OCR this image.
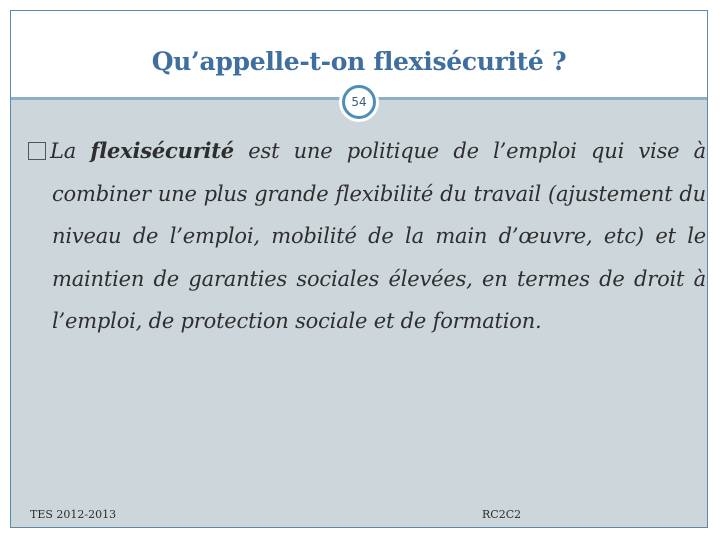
Qu’appelle-t-on flexisécurité ?
54
La flexisécurité est une politique de l’emploi qui vise à combiner une plus grande flexibilité du travail (ajustement du niveau de l’emploi, mobilité de la main d’œuvre, etc) et le maintien de garanties sociales élevées, en termes de droit à l’emploi, de protection sociale et de formation.
TES 2012-2013	RC2C2
